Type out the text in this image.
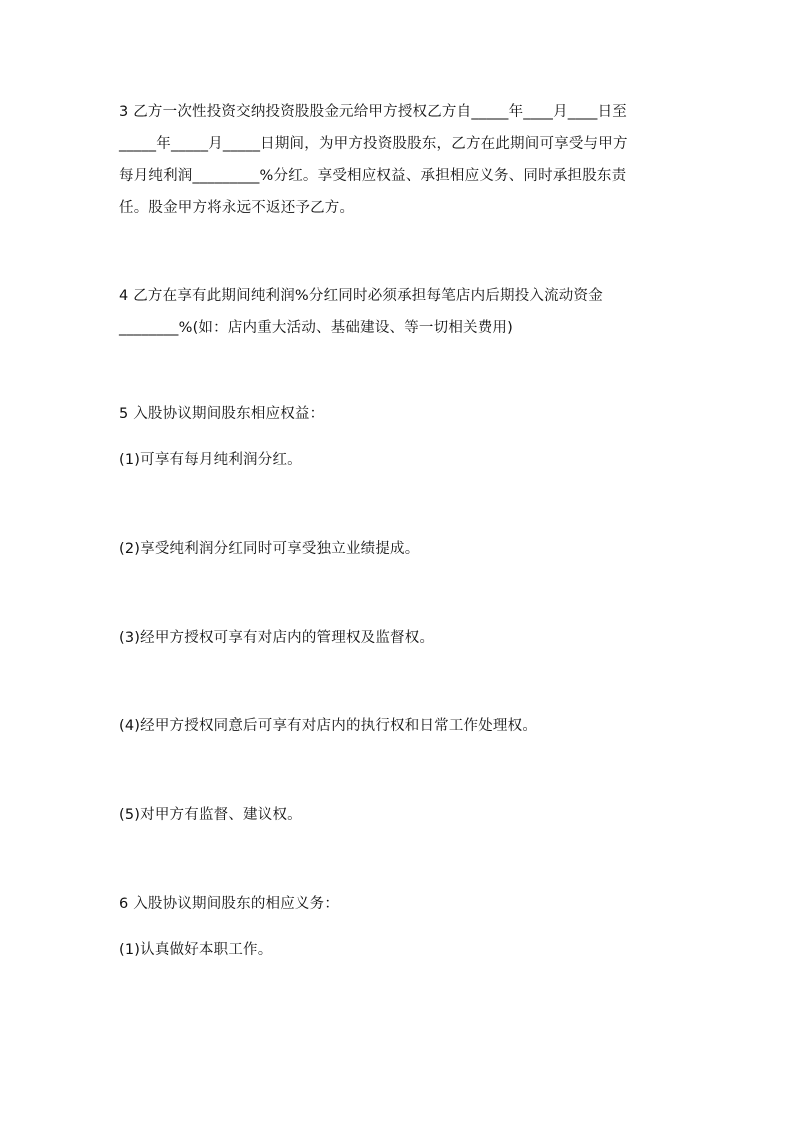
3 乙方一次性投资交纳投资股股金元给甲方授权乙方自_____年____月____日至
_____年_____月_____日期间，为甲方投资股股东，乙方在此期间可享受与甲方
每月纯利润_________%分红。享受相应权益、承担相应义务、同时承担股东责
任。股金甲方将永远不返还予乙方。

4 乙方在享有此期间纯利润%分红同时必须承担每笔店内后期投入流动资金
________%(如：店内重大活动、基础建设、等一切相关费用)

5 入股协议期间股东相应权益：

(1)可享有每月纯利润分红。

(2)享受纯利润分红同时可享受独立业绩提成。

(3)经甲方授权可享有对店内的管理权及监督权。

(4)经甲方授权同意后可享有对店内的执行权和日常工作处理权。

(5)对甲方有监督、建议权。

6 入股协议期间股东的相应义务：

(1)认真做好本职工作。
